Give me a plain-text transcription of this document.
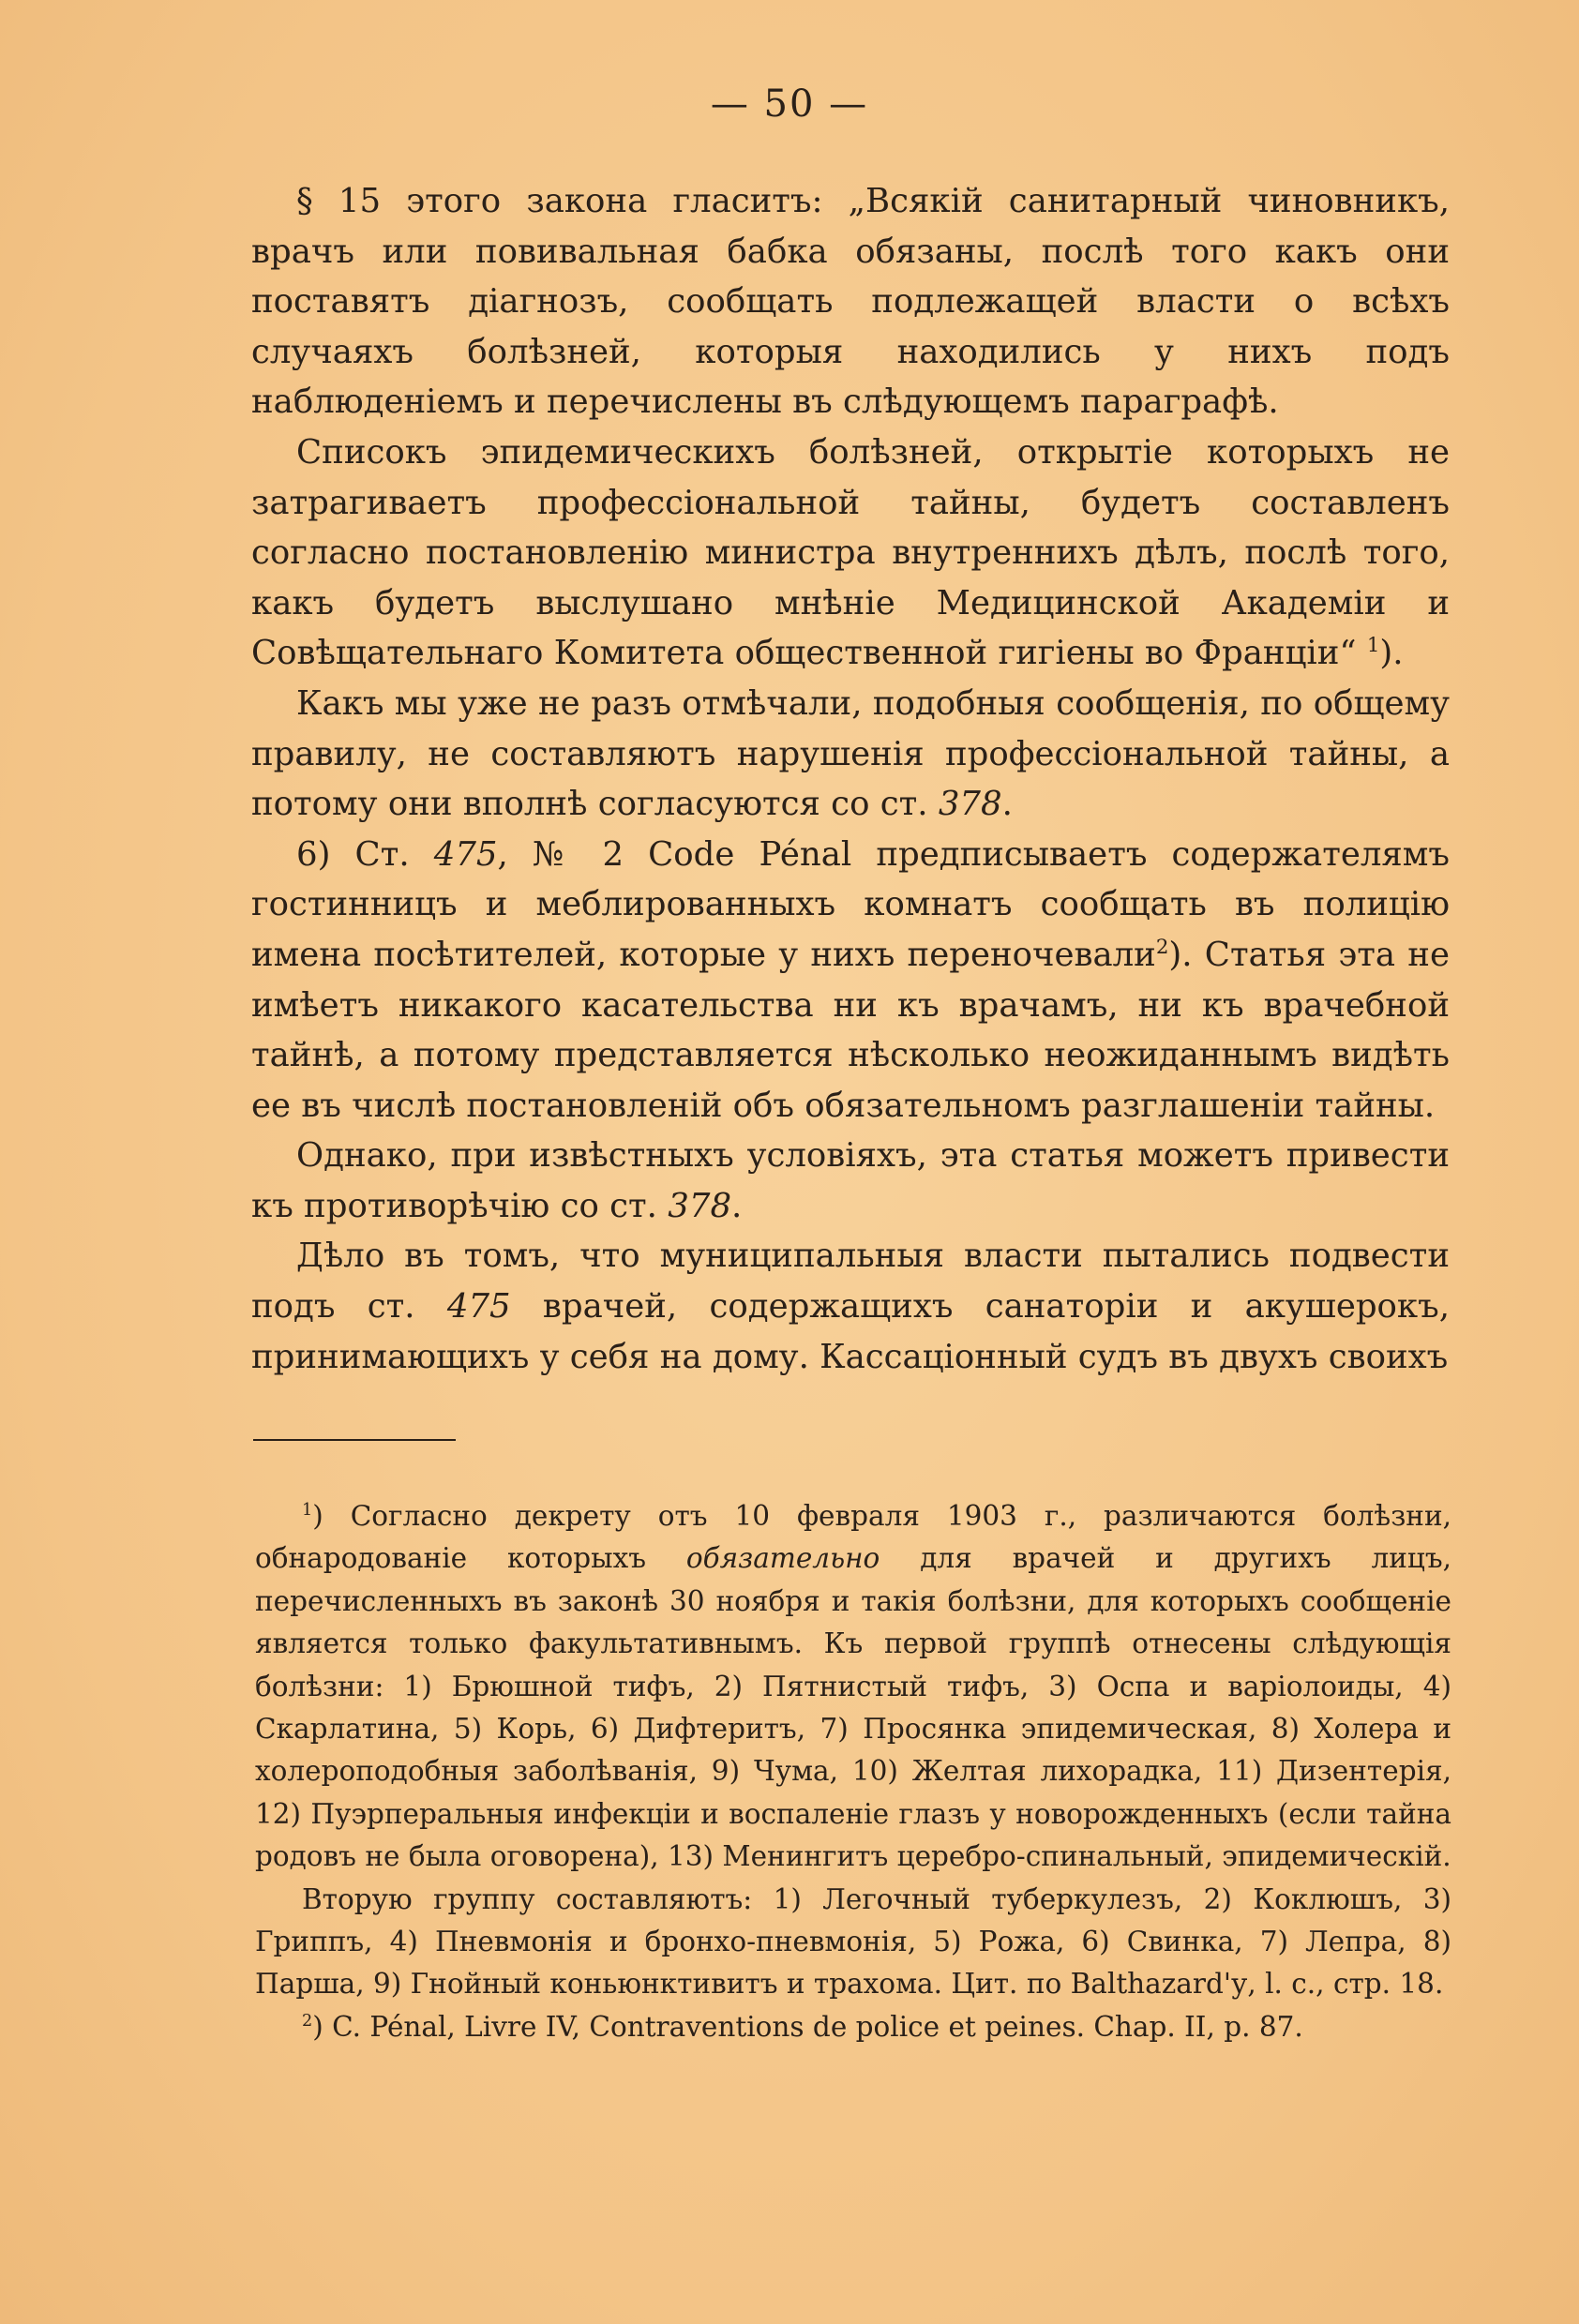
— 50 —

§ 15 этого закона гласитъ: „Всякій санитарный чиновникъ, врачъ или повивальная бабка обязаны, послѣ того какъ они поставятъ діагнозъ, сообщать подлежащей власти о всѣхъ случаяхъ болѣзней, которыя находились у нихъ подъ наблюденіемъ и перечислены въ слѣдующемъ параграфѣ.

Списокъ эпидемическихъ болѣзней, открытіе которыхъ не затрагиваетъ профессіональной тайны, будетъ составленъ согласно постановленію министра внутреннихъ дѣлъ, послѣ того, какъ будетъ выслушано мнѣніе Медицинской Академіи и Совѣщательнаго Комитета общественной гигіены во Франціи“ $^1$).

Какъ мы уже не разъ отмѣчали, подобныя сообщенія, по общему правилу, не составляютъ нарушенія профессіональной тайны, а потому они вполнѣ согласуются со ст. 378.

6) Ст. 475, № 2 Code Pénal предписываетъ содержателямъ гостинницъ и меблированныхъ комнатъ сообщать въ полицію имена посѣтителей, которые у нихъ переночевали$^2$). Статья эта не имѣетъ никакого касательства ни къ врачамъ, ни къ врачебной тайнѣ, а потому представляется нѣсколько неожиданнымъ видѣть ее въ числѣ постановленій объ обязательномъ разглашеніи тайны.

Однако, при извѣстныхъ условіяхъ, эта статья можетъ привести къ противорѣчію со ст. 378.

Дѣло въ томъ, что муниципальныя власти пытались подвести подъ ст. 475 врачей, содержащихъ санаторіи и акушерокъ, принимающихъ у себя на дому. Кассаціонный судъ въ двухъ своихъ

$^1$) Согласно декрету отъ 10 февраля 1903 г., различаются болѣзни, обнародованіе которыхъ обязательно для врачей и другихъ лицъ, перечисленныхъ въ законѣ 30 ноября и такія болѣзни, для которыхъ сообщеніе является только факультативнымъ. Къ первой группѣ отнесены слѣдующія болѣзни: 1) Брюшной тифъ, 2) Пятнистый тифъ, 3) Оспа и варіолоиды, 4) Скарлатина, 5) Корь, 6) Дифтеритъ, 7) Просянка эпидемическая, 8) Холера и холероподобныя заболѣванія, 9) Чума, 10) Желтая лихорадка, 11) Дизентерія, 12) Пуэрперальныя инфекціи и воспаленіе глазъ у новорожденныхъ (если тайна родовъ не была оговорена), 13) Менингитъ церебро-спинальный, эпидемическій.

Вторую группу составляютъ: 1) Легочный туберкулезъ, 2) Коклюшъ, 3) Гриппъ, 4) Пневмонія и бронхо-пневмонія, 5) Рожа, 6) Свинка, 7) Лепра, 8) Парша, 9) Гнойный коньюнктивитъ и трахома. Цит. по Balthazard'у, l. c., стр. 18.

$^2$) C. Pénal, Livre IV, Contraventions de police et peines. Chap. II, p. 87.
